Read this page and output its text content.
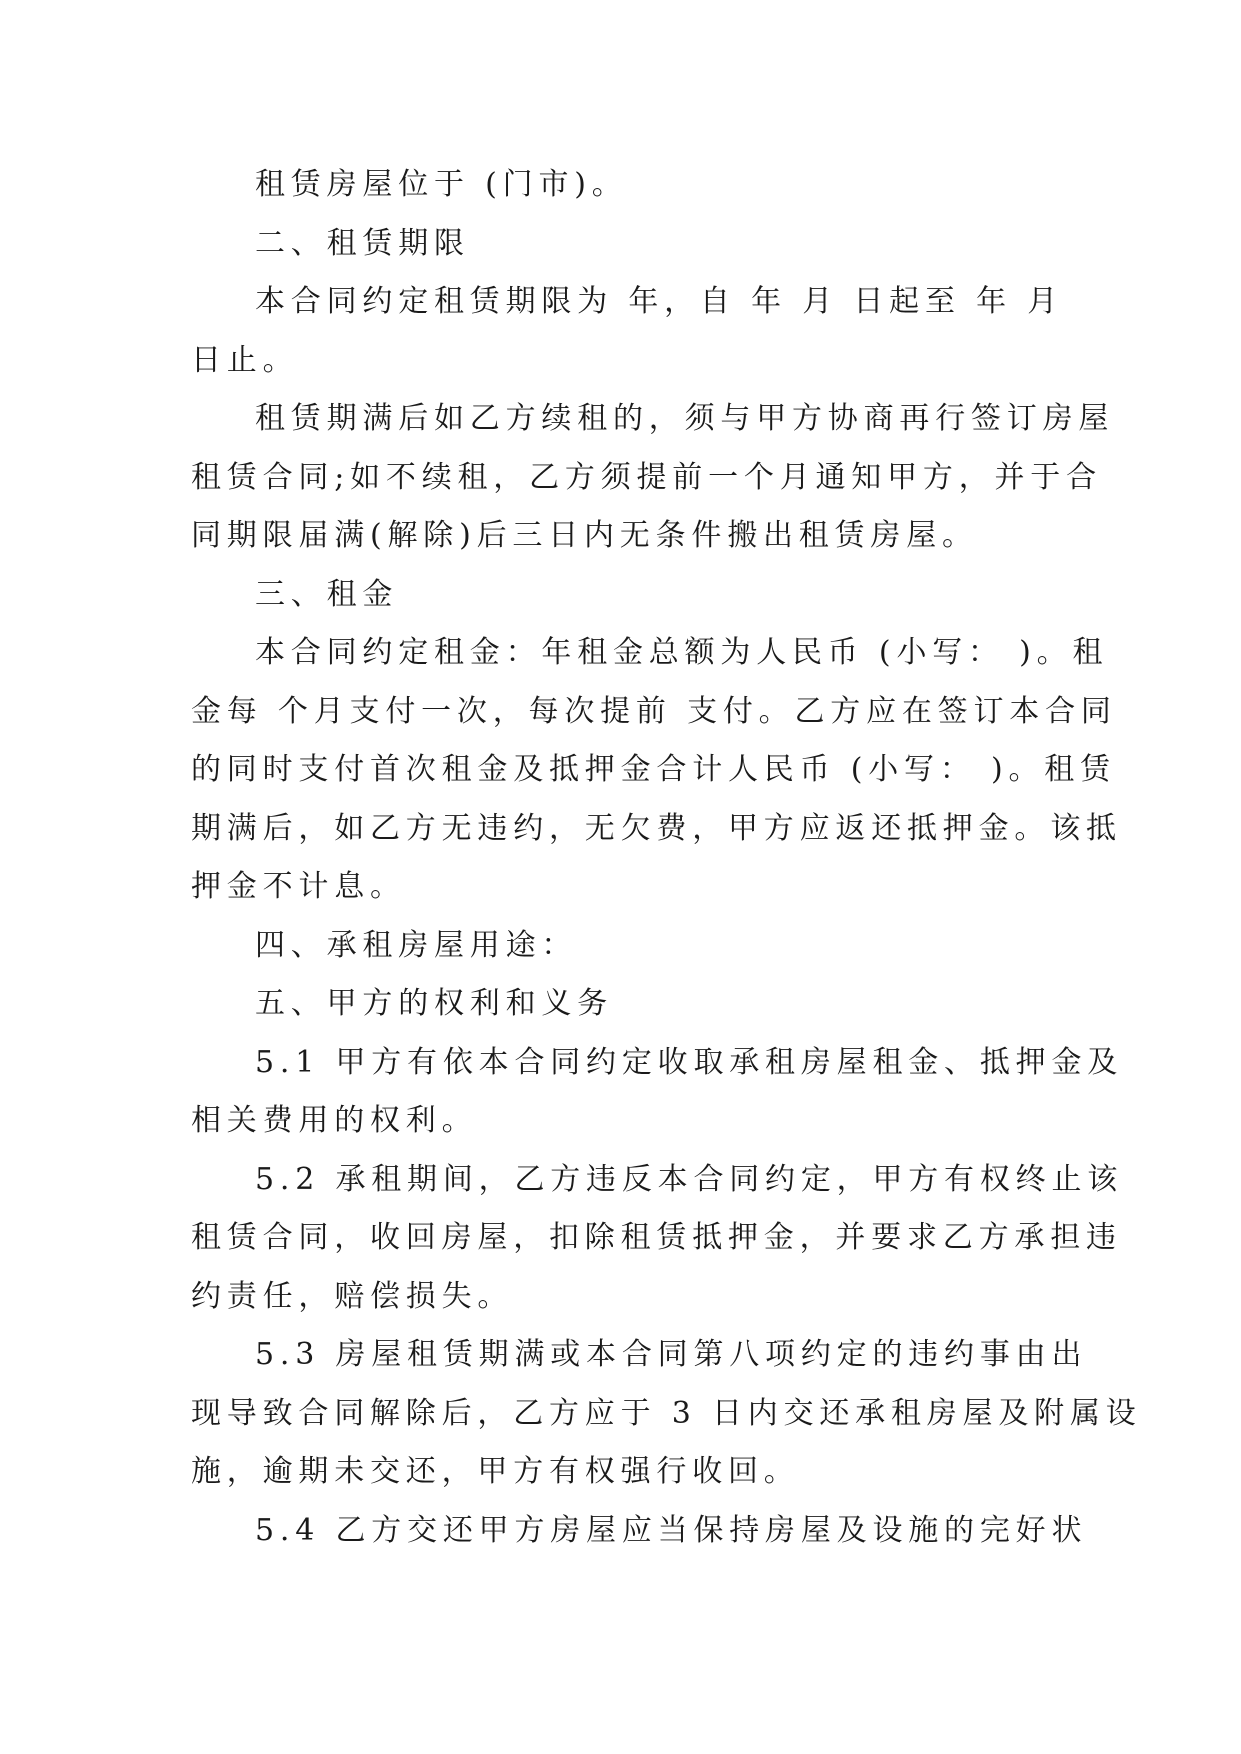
租赁房屋位于 (门市)。
二、租赁期限
本合同约定租赁期限为 年，自 年 月 日起至 年 月
日止。
租赁期满后如乙方续租的，须与甲方协商再行签订房屋
租赁合同;如不续租，乙方须提前一个月通知甲方，并于合
同期限届满(解除)后三日内无条件搬出租赁房屋。
三、租金
本合同约定租金：年租金总额为人民币 (小写： )。租
金每 个月支付一次，每次提前 支付。乙方应在签订本合同
的同时支付首次租金及抵押金合计人民币 (小写： )。租赁
期满后，如乙方无违约，无欠费，甲方应返还抵押金。该抵
押金不计息。
四、承租房屋用途：
五、甲方的权利和义务
5.1 甲方有依本合同约定收取承租房屋租金、抵押金及
相关费用的权利。
5.2 承租期间，乙方违反本合同约定，甲方有权终止该
租赁合同，收回房屋，扣除租赁抵押金，并要求乙方承担违
约责任，赔偿损失。
5.3 房屋租赁期满或本合同第八项约定的违约事由出
现导致合同解除后，乙方应于 3 日内交还承租房屋及附属设
施，逾期未交还，甲方有权强行收回。
5.4 乙方交还甲方房屋应当保持房屋及设施的完好状
